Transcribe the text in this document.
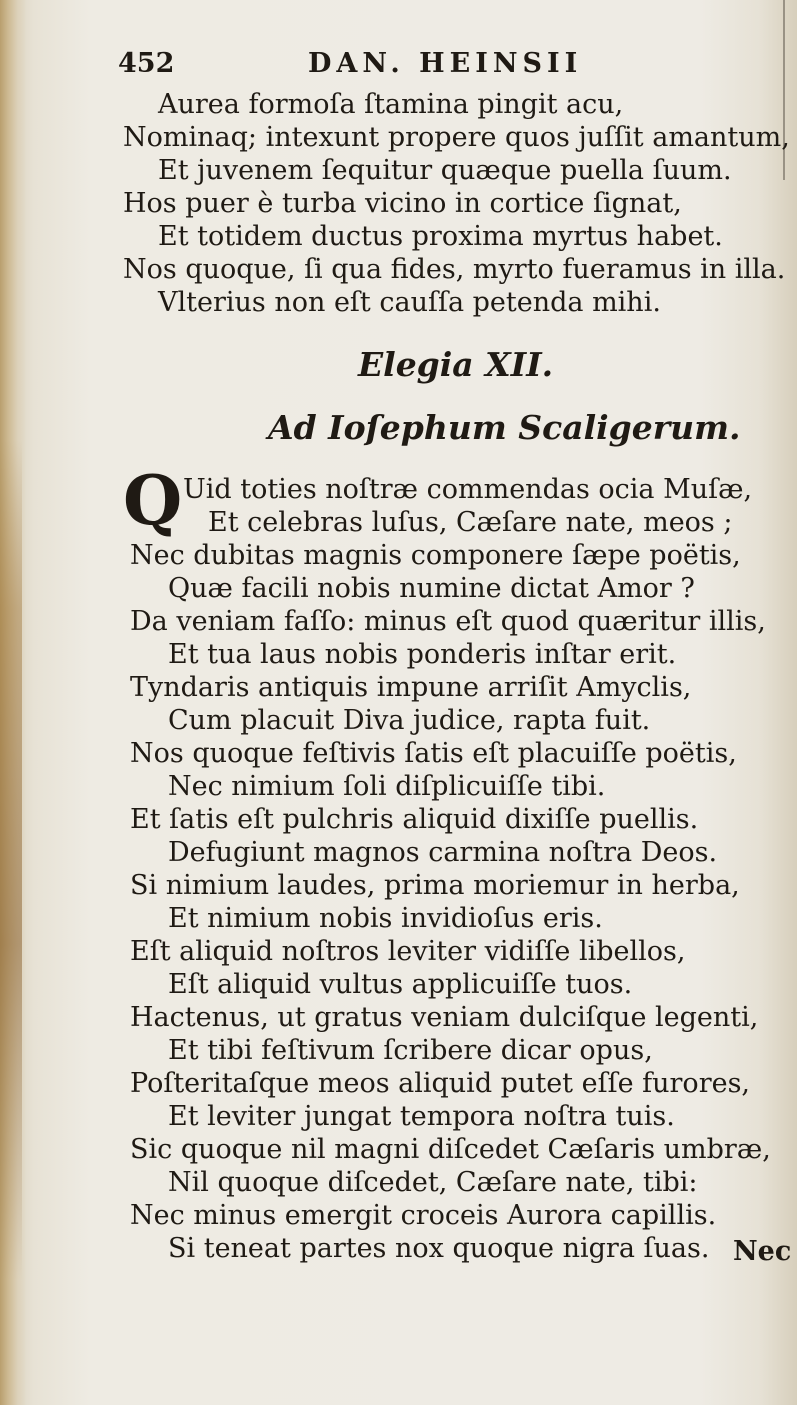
452	DAN. HEINSII
Aurea formoſa ſtamina pingit acu,
Nominaq; intexunt propere quos juſſit amantum,
Et juvenem ſequitur quæque puella ſuum.
Hos puer è turba vicino in cortice ſignat,
Et totidem ductus proxima myrtus habet.
Nos quoque, ſi qua fides, myrto fueramus in illa.
Vlterius non eſt cauſſa petenda mihi.
Elegia XII.
Ad Ioſephum Scaligerum.
Q Uid toties noſtræ commendas ocia Muſæ,
Et celebras luſus, Cæſare nate, meos ;
Nec dubitas magnis componere ſæpe poëtis,
Quæ facili nobis numine dictat Amor ?
Da veniam faſſo: minus eſt quod quæritur illis,
Et tua laus nobis ponderis inſtar erit.
Tyndaris antiquis impune arriſit Amyclis,
Cum placuit Diva judice, rapta fuit.
Nos quoque feſtivis ſatis eſt placuiſſe poëtis,
Nec nimium ſoli diſplicuiſſe tibi.
Et ſatis eſt pulchris aliquid dixiſſe puellis.
Defugiunt magnos carmina noſtra Deos.
Si nimium laudes, prima moriemur in herba,
Et nimium nobis invidioſus eris.
Eſt aliquid noſtros leviter vidiſſe libellos,
Eſt aliquid vultus applicuiſſe tuos.
Hactenus, ut gratus veniam dulciſque legenti,
Et tibi feſtivum ſcribere dicar opus,
Poſteritaſque meos aliquid putet eſſe furores,
Et leviter jungat tempora noſtra tuis.
Sic quoque nil magni diſcedet Cæſaris umbræ,
Nil quoque diſcedet, Cæſare nate, tibi:
Nec minus emergit croceis Aurora capillis.
Si teneat partes nox quoque nigra ſuas. Nec
